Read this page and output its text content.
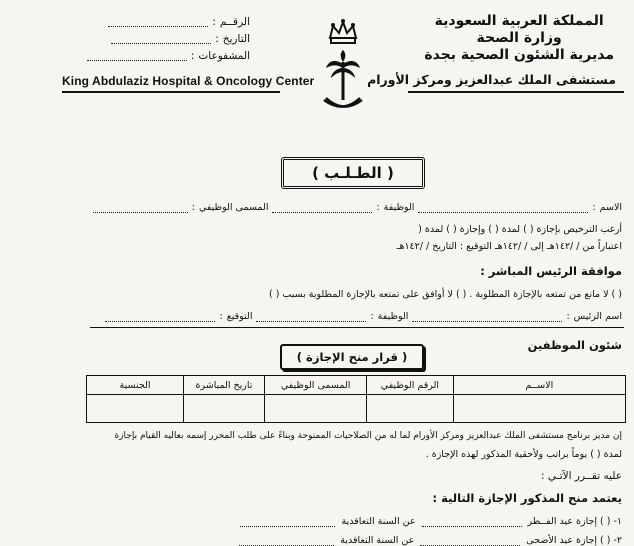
المملكة العربية السعودية
وزارة الصحة
مديرية الشئون الصحية بجدة
: الرقــم
: التاريخ
: المشفوعات
King Abdulaziz Hospital & Oncology Center	مستشفى الملك عبدالعزيز ومركز الأورام
( الطـلـب )
الاسم
:
الوظيفة
:
المسمى الوظيفي
:
أرغب الترخيص بإجازة ( ) لمدة ( ) وإجازة ( ) لمدة (
اعتباراً من / /١٤٢هـ إلى / /١٤٢هـ التوقيع : التاريخ / /١٤٢هـ
موافقة الرئيس المباشر :
( ) لا مانع من تمتعه بالإجازة المطلوبة . ( ) لا أوافق على تمتعه بالإجازة المطلوبة بسبب ( )
اسم الرئيس
:
الوظيفة
:
التوقيع
:
شئون الموظفين
( قرار منح الإجازة )
الاســم	الرقم الوظيفي	المسمى الوظيفي	تاريخ المباشرة	الجنسية

إن مدير برنامج مستشفى الملك عبدالعزيز ومركز الأورام لما له من الصلاحيات الممنوحة وبناءً على طلب المحرر إسمه بعاليه القيام بإجازة
لمدة ( ) يوماً براتب ولأحقية المذكور لهذه الإجازة .
عليه تقــرر الآتـي :
يعتمد منح المذكور الإجازة التالية :
١- ( ) إجازة عيد الفــطر
عن السنة التعاقدية
٢- ( ) إجازة عيد الأضحى
عن السنة التعاقدية
